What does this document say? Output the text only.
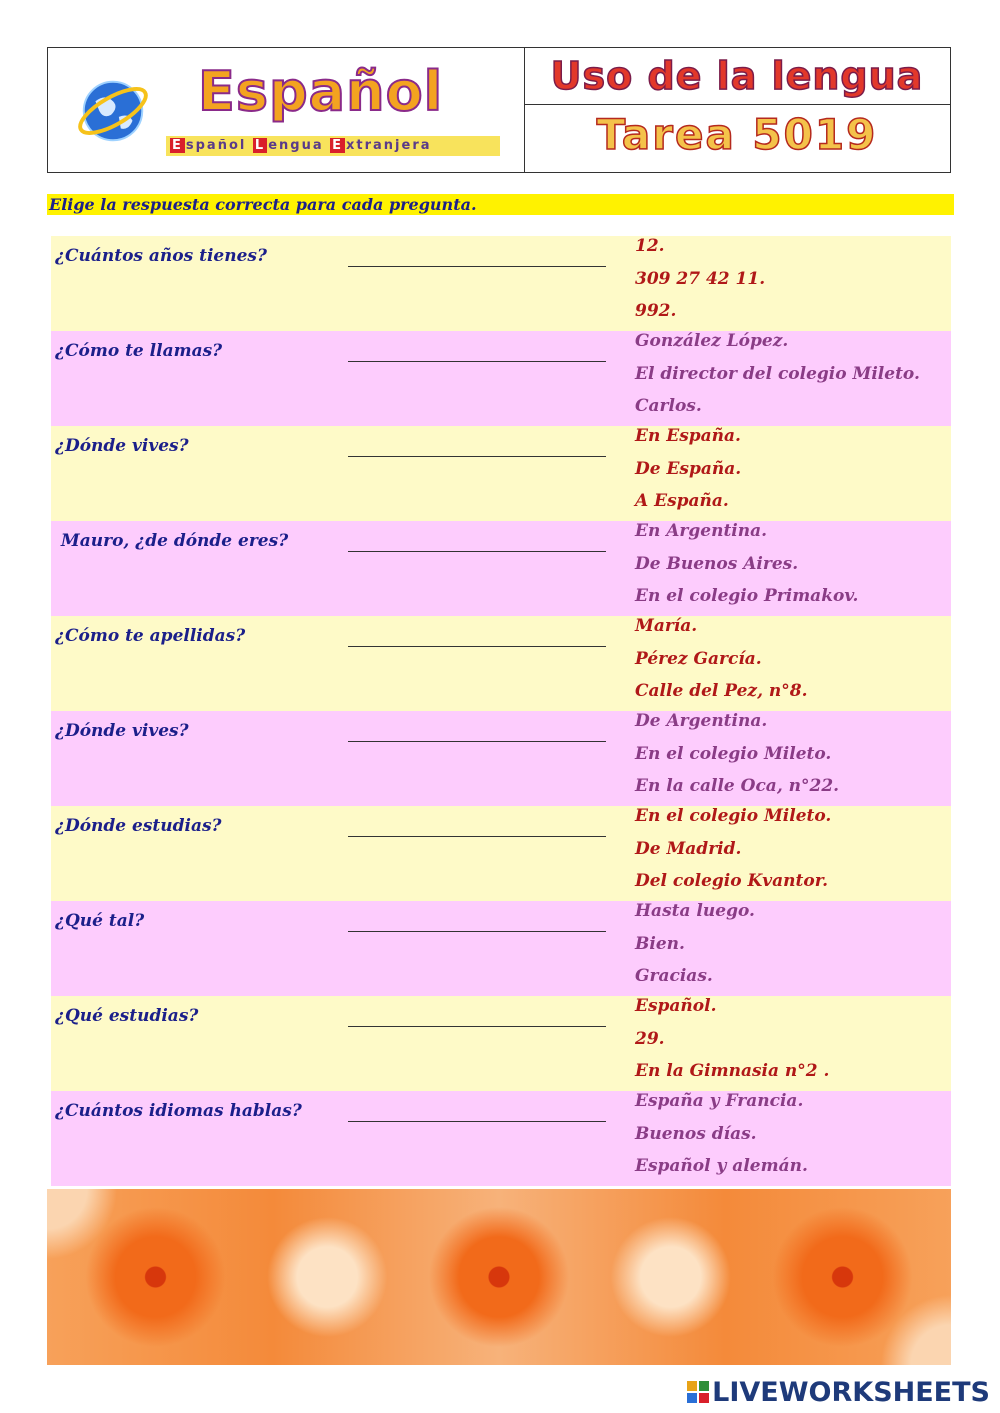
Español
E spañol L engua E xtranjera
Uso de la lengua
Tarea 5019
Elige la respuesta correcta para cada pregunta.
¿Cuántos años tienes?	12.
309 27 42 11.
992.
¿Cómo te llamas?	González López.
El director del colegio Mileto.
Carlos.
¿Dónde vives?	En España.
De España.
A España.
Mauro, ¿de dónde eres?	En Argentina.
De Buenos Aires.
En el colegio Primakov.
¿Cómo te apellidas?	María.
Pérez García.
Calle del Pez, n°8.
¿Dónde vives?	De Argentina.
En el colegio Mileto.
En la calle Oca, n°22.
¿Dónde estudias?	En el colegio Mileto.
De Madrid.
Del colegio Kvantor.
¿Qué tal?	Hasta luego.
Bien.
Gracias.
¿Qué estudias?	Español.
29.
En la Gimnasia n°2 .
¿Cuántos idiomas hablas?	España y Francia.
Buenos días.
Español y alemán.
LIVEWORKSHEETS
